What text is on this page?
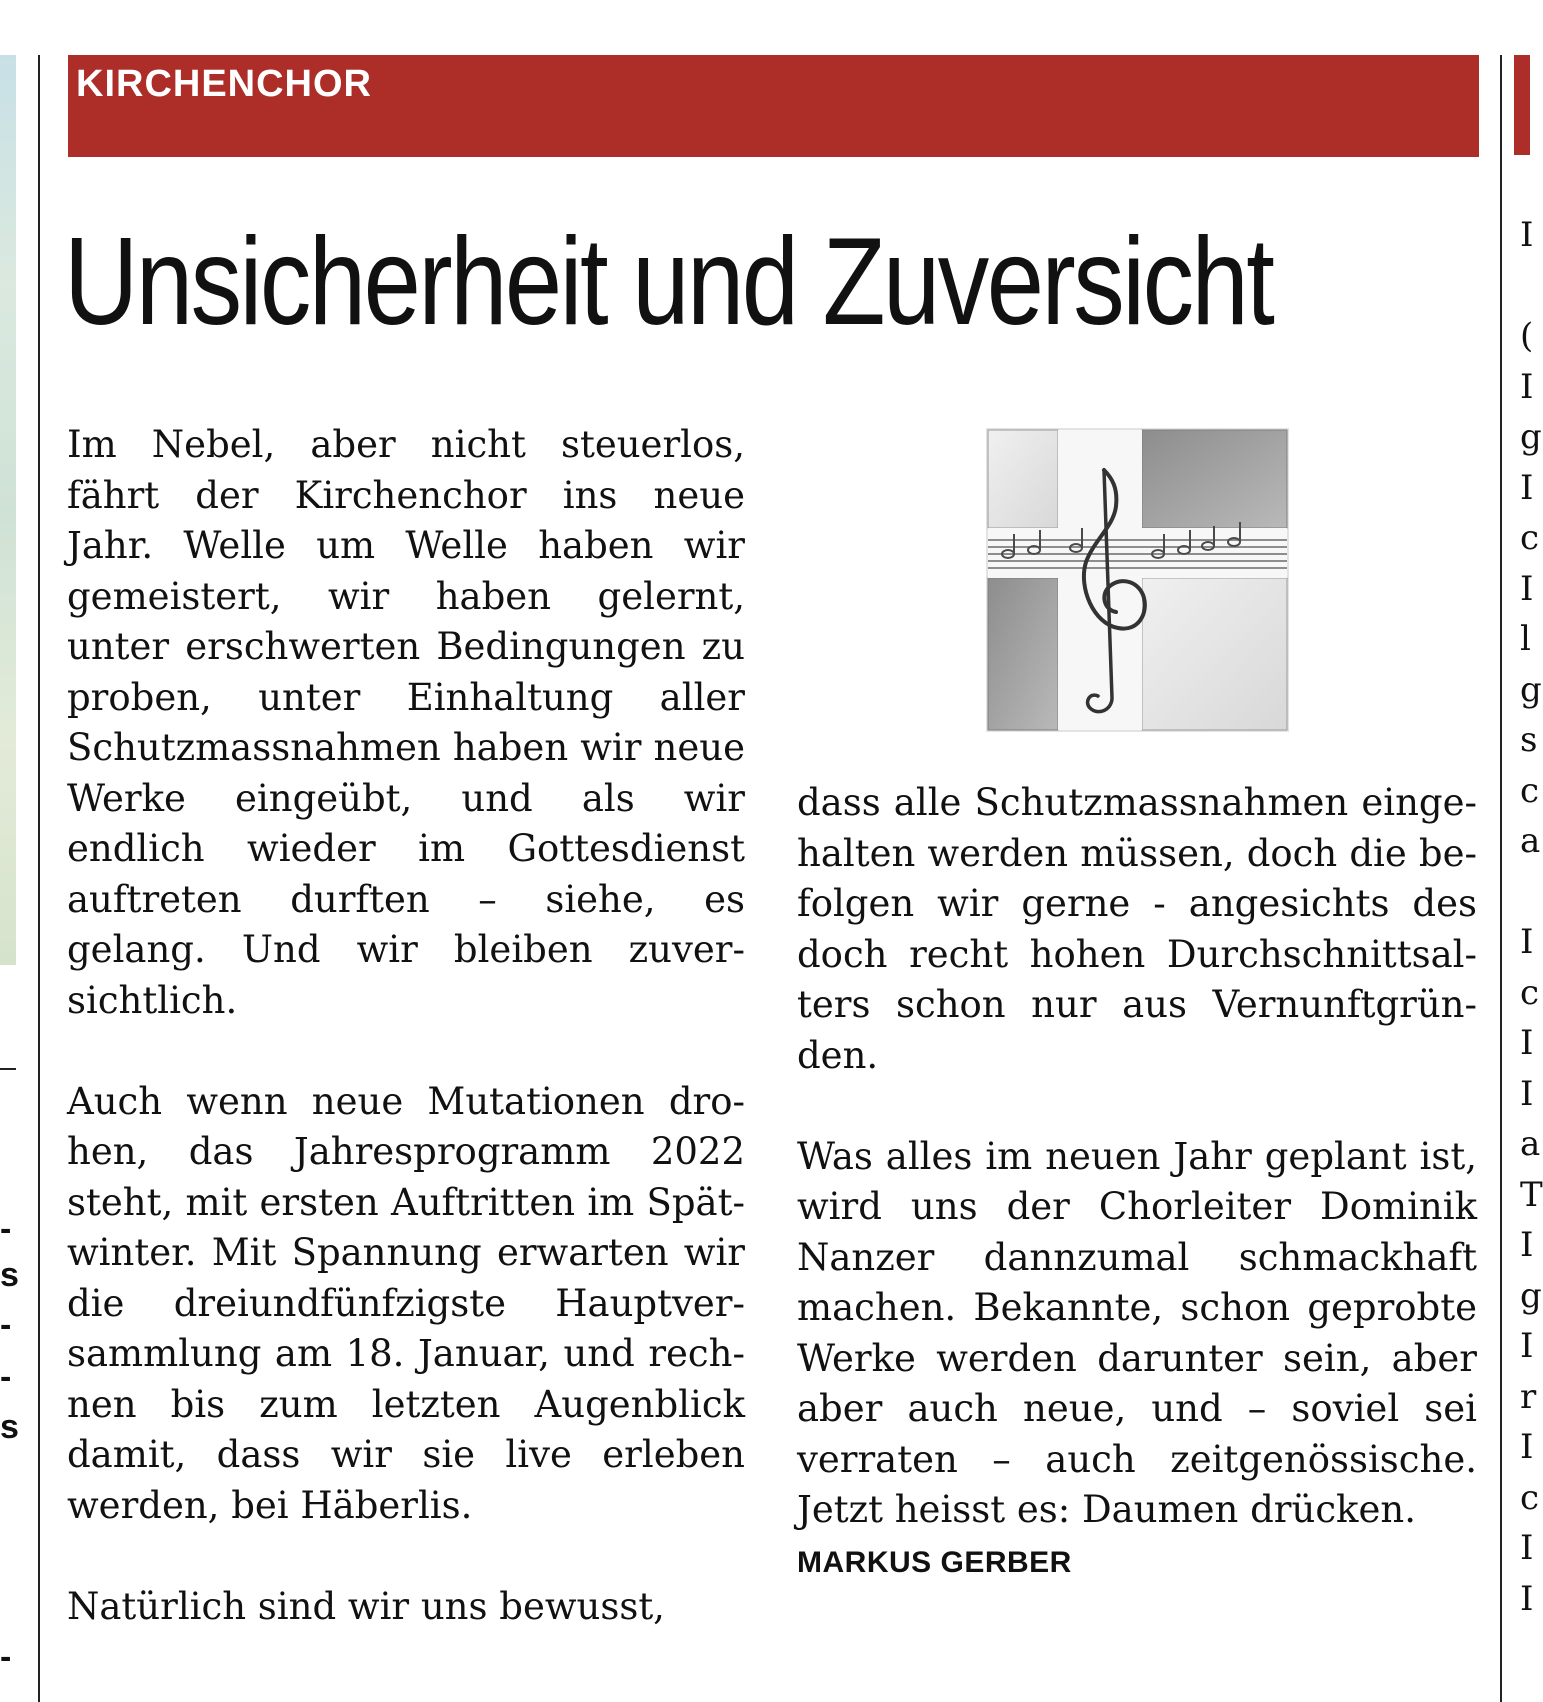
-
s
-
-
s
-
I

(
I
g
I
c
I
l
g
s
c
a

I
c
I
I
a
T
I
g
I
r
I
c
I
I
KIRCHENCHOR
Unsicherheit und Zuversicht

Im Nebel, aber nicht steuerlos, fährt der Kirchenchor ins neue Jahr. Welle um Welle haben wir gemeistert, wir haben gelernt, unter erschwerten Bedingungen zu proben, unter Einhaltung aller Schutzmassnahmen haben wir neue Werke eingeübt, und als wir endlich wieder im Gottesdienst auftreten durften – siehe, es gelang. Und wir bleiben zuversichtlich.

Auch wenn neue Mutationen drohen, das Jahresprogramm 2022 steht, mit ersten Auftritten im Spätwinter. Mit Spannung erwarten wir die dreiundfünfzigste Hauptversammlung am 18. Januar, und rechnen bis zum letzten Augenblick damit, dass wir sie live erleben werden, bei Häberlis.

Natürlich sind wir uns bewusst,

dass alle Schutzmassnahmen eingehalten werden müssen, doch die befolgen wir gerne - angesichts des doch recht hohen Durchschnittsalters schon nur aus Vernunftgründen.

Was alles im neuen Jahr geplant ist, wird uns der Chorleiter Dominik Nanzer dannzumal schmackhaft machen. Bekannte, schon geprobte Werke werden darunter sein, aber aber auch neue, und – soviel sei verraten – auch zeitgenössische. Jetzt heisst es: Daumen drücken.

MARKUS GERBER
